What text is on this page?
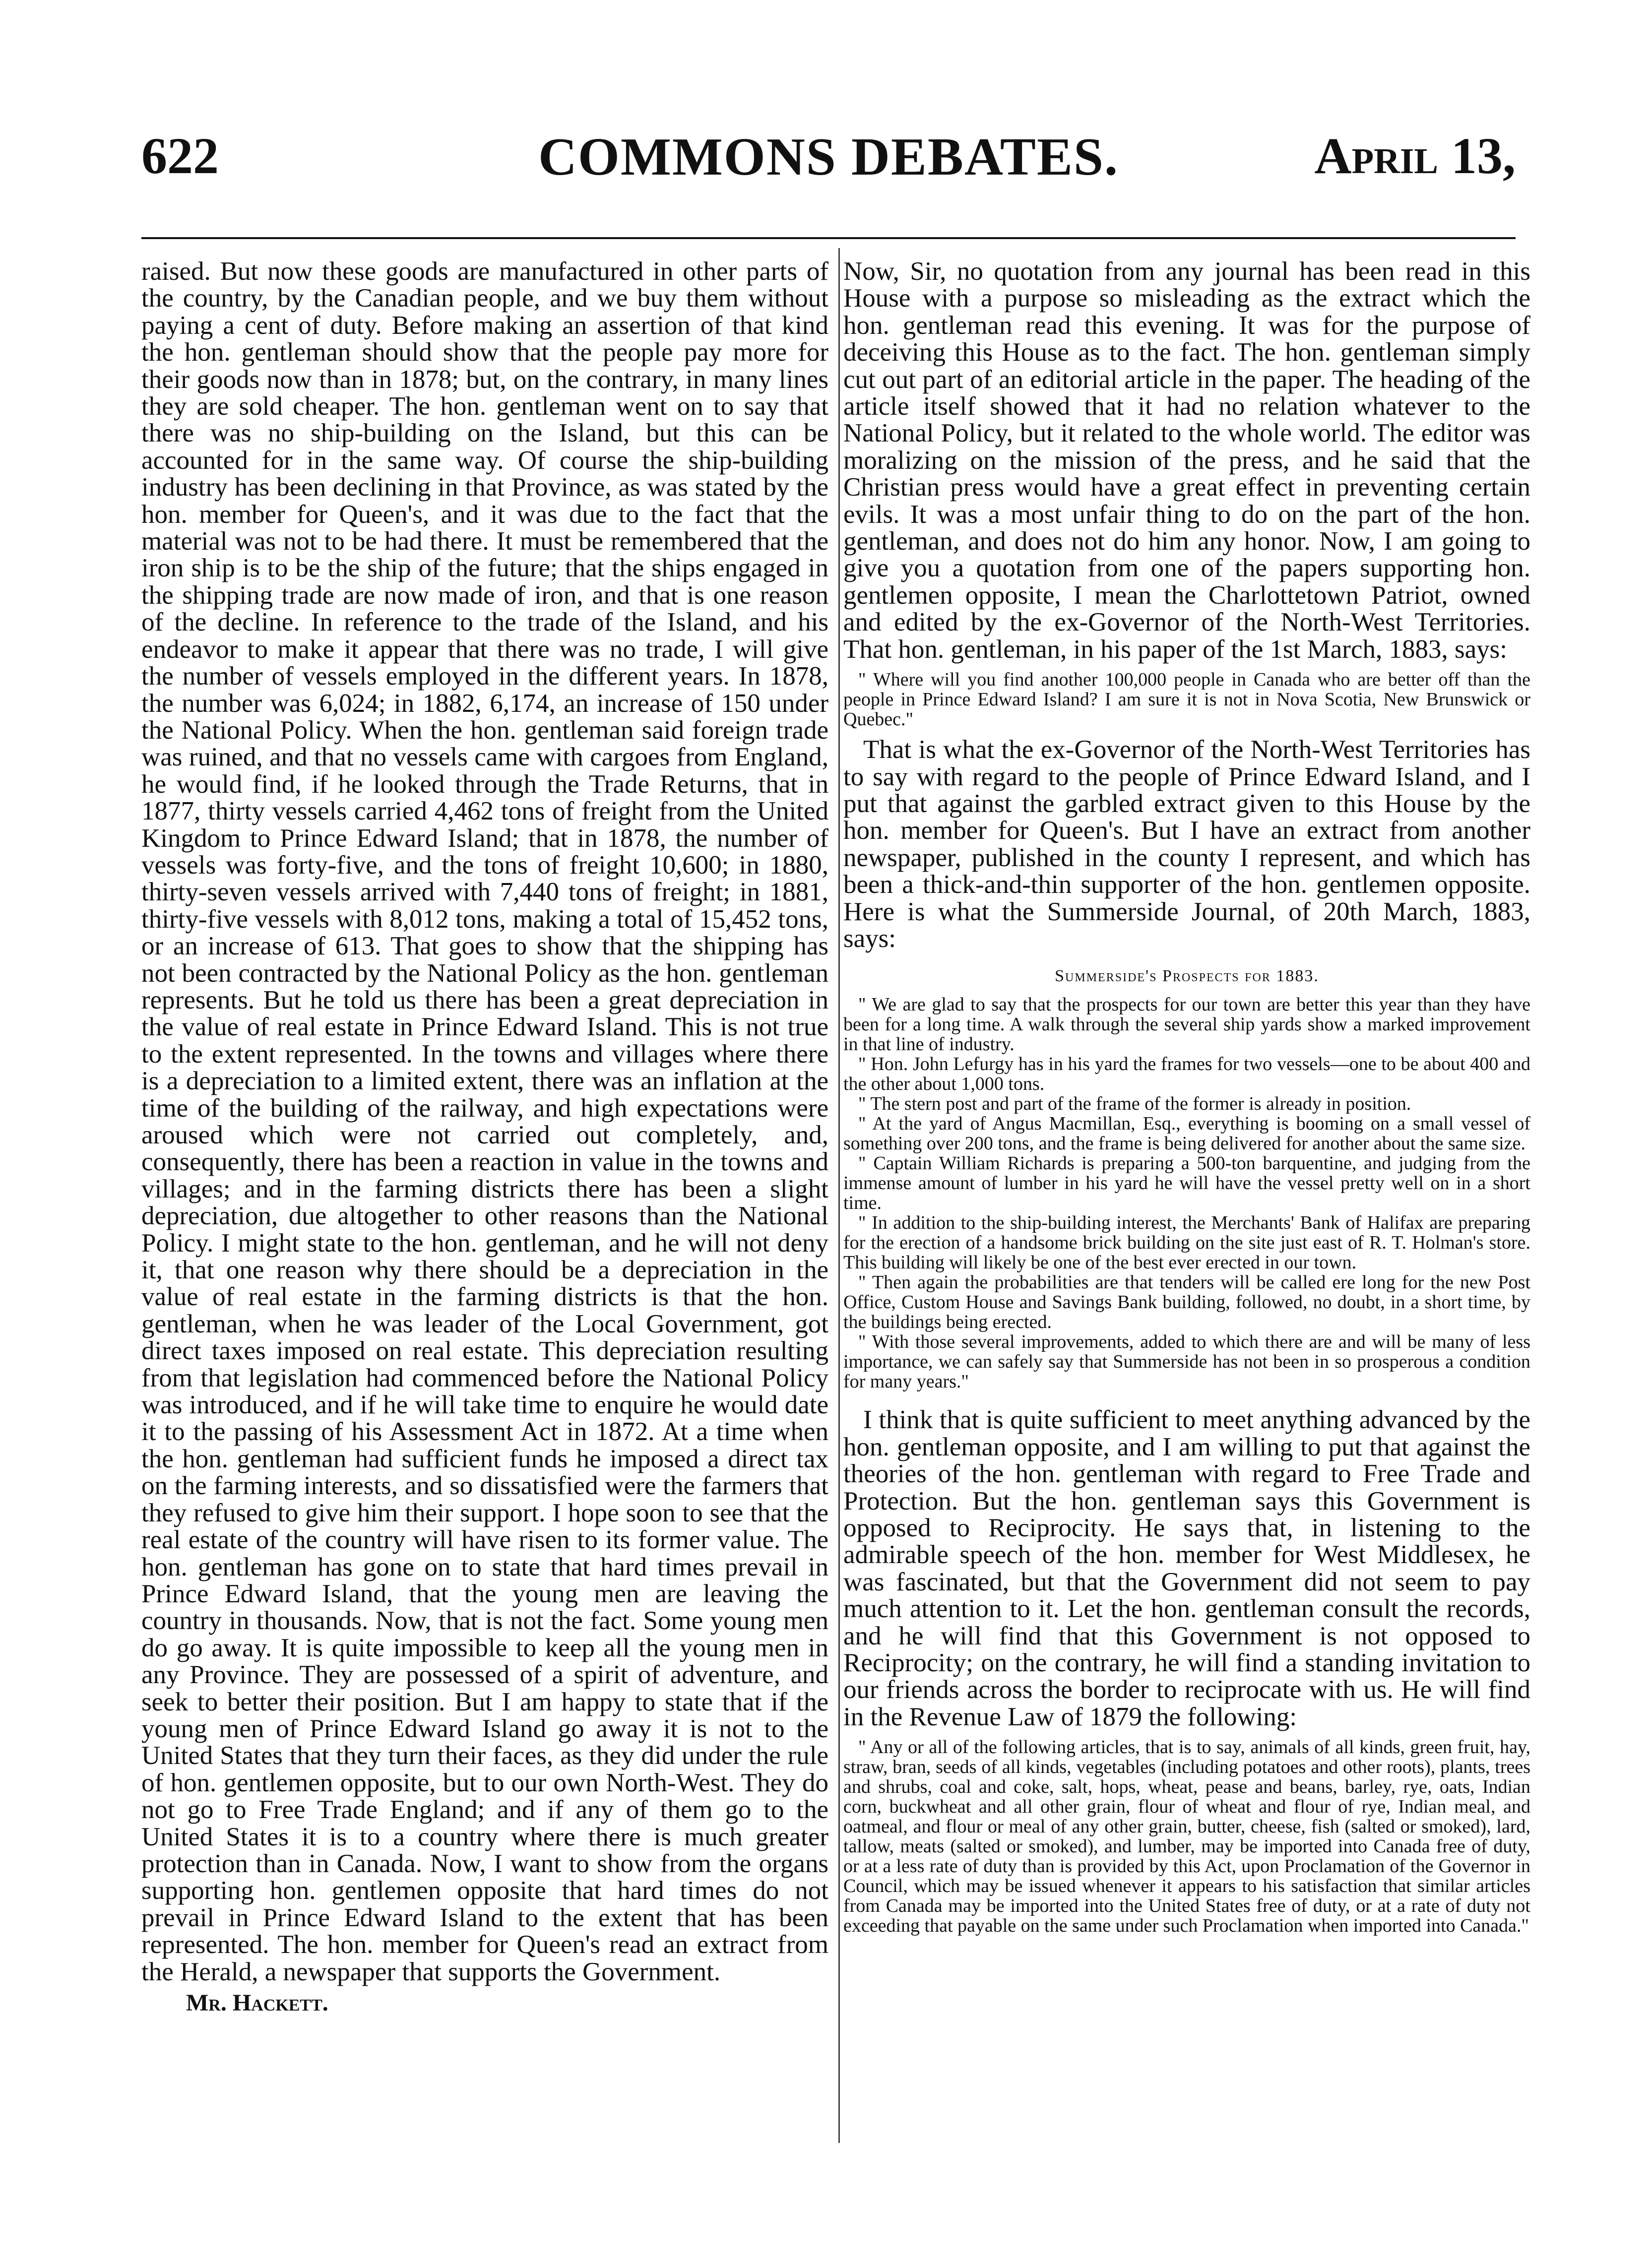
622	COMMONS DEBATES.	April 13,

raised. But now these goods are manufactured in other parts of the country, by the Canadian people, and we buy them without paying a cent of duty. Before making an assertion of that kind the hon. gentleman should show that the people pay more for their goods now than in 1878; but, on the contrary, in many lines they are sold cheaper. The hon. gentleman went on to say that there was no ship-building on the Island, but this can be accounted for in the same way. Of course the ship-building industry has been declining in that Province, as was stated by the hon. member for Queen's, and it was due to the fact that the material was not to be had there. It must be remembered that the iron ship is to be the ship of the future; that the ships engaged in the shipping trade are now made of iron, and that is one reason of the decline. In reference to the trade of the Island, and his endeavor to make it appear that there was no trade, I will give the number of vessels employed in the different years. In 1878, the number was 6,024; in 1882, 6,174, an increase of 150 under the National Policy. When the hon. gentleman said foreign trade was ruined, and that no vessels came with cargoes from England, he would find, if he looked through the Trade Returns, that in 1877, thirty vessels carried 4,462 tons of freight from the United Kingdom to Prince Edward Island; that in 1878, the number of vessels was forty-five, and the tons of freight 10,600; in 1880, thirty-seven vessels arrived with 7,440 tons of freight; in 1881, thirty-five vessels with 8,012 tons, making a total of 15,452 tons, or an increase of 613. That goes to show that the shipping has not been contracted by the National Policy as the hon. gentleman represents. But he told us there has been a great depreciation in the value of real estate in Prince Edward Island. This is not true to the extent represented. In the towns and villages where there is a depreciation to a limited extent, there was an inflation at the time of the building of the railway, and high expectations were aroused which were not carried out completely, and, consequently, there has been a reaction in value in the towns and villages; and in the farming districts there has been a slight depreciation, due altogether to other reasons than the National Policy. I might state to the hon. gentleman, and he will not deny it, that one reason why there should be a depreciation in the value of real estate in the farming districts is that the hon. gentleman, when he was leader of the Local Government, got direct taxes imposed on real estate. This depreciation resulting from that legislation had commenced before the National Policy was introduced, and if he will take time to enquire he would date it to the passing of his Assessment Act in 1872. At a time when the hon. gentleman had sufficient funds he imposed a direct tax on the farming interests, and so dissatisfied were the farmers that they refused to give him their support. I hope soon to see that the real estate of the country will have risen to its former value. The hon. gentleman has gone on to state that hard times prevail in Prince Edward Island, that the young men are leaving the country in thousands. Now, that is not the fact. Some young men do go away. It is quite impossible to keep all the young men in any Province. They are possessed of a spirit of adventure, and seek to better their position. But I am happy to state that if the young men of Prince Edward Island go away it is not to the United States that they turn their faces, as they did under the rule of hon. gentlemen opposite, but to our own North-West. They do not go to Free Trade England; and if any of them go to the United States it is to a country where there is much greater protection than in Canada. Now, I want to show from the organs supporting hon. gentlemen opposite that hard times do not prevail in Prince Edward Island to the extent that has been represented. The hon. member for Queen's read an extract from the Herald, a newspaper that supports the Government.

Mr. Hackett.

Now, Sir, no quotation from any journal has been read in this House with a purpose so misleading as the extract which the hon. gentleman read this evening. It was for the purpose of deceiving this House as to the fact. The hon. gentleman simply cut out part of an editorial article in the paper. The heading of the article itself showed that it had no relation whatever to the National Policy, but it related to the whole world. The editor was moralizing on the mission of the press, and he said that the Christian press would have a great effect in preventing certain evils. It was a most unfair thing to do on the part of the hon. gentleman, and does not do him any honor. Now, I am going to give you a quotation from one of the papers supporting hon. gentlemen opposite, I mean the Charlottetown Patriot, owned and edited by the ex-Governor of the North-West Territories. That hon. gentleman, in his paper of the 1st March, 1883, says:

" Where will you find another 100,000 people in Canada who are better off than the people in Prince Edward Island? I am sure it is not in Nova Scotia, New Brunswick or Quebec."

That is what the ex-Governor of the North-West Territories has to say with regard to the people of Prince Edward Island, and I put that against the garbled extract given to this House by the hon. member for Queen's. But I have an extract from another newspaper, published in the county I represent, and which has been a thick-and-thin supporter of the hon. gentlemen opposite. Here is what the Summerside Journal, of 20th March, 1883, says:

Summerside's Prospects for 1883.

" We are glad to say that the prospects for our town are better this year than they have been for a long time. A walk through the several ship yards show a marked improvement in that line of industry.

" Hon. John Lefurgy has in his yard the frames for two vessels—one to be about 400 and the other about 1,000 tons.

" The stern post and part of the frame of the former is already in position.

" At the yard of Angus Macmillan, Esq., everything is booming on a small vessel of something over 200 tons, and the frame is being delivered for another about the same size.

" Captain William Richards is preparing a 500-ton barquentine, and judging from the immense amount of lumber in his yard he will have the vessel pretty well on in a short time.

" In addition to the ship-building interest, the Merchants' Bank of Halifax are preparing for the erection of a handsome brick building on the site just east of R. T. Holman's store. This building will likely be one of the best ever erected in our town.

" Then again the probabilities are that tenders will be called ere long for the new Post Office, Custom House and Savings Bank building, followed, no doubt, in a short time, by the buildings being erected.

" With those several improvements, added to which there are and will be many of less importance, we can safely say that Summerside has not been in so prosperous a condition for many years."

I think that is quite sufficient to meet anything advanced by the hon. gentleman opposite, and I am willing to put that against the theories of the hon. gentleman with regard to Free Trade and Protection. But the hon. gentleman says this Government is opposed to Reciprocity. He says that, in listening to the admirable speech of the hon. member for West Middlesex, he was fascinated, but that the Government did not seem to pay much attention to it. Let the hon. gentleman consult the records, and he will find that this Government is not opposed to Reciprocity; on the contrary, he will find a standing invitation to our friends across the border to reciprocate with us. He will find in the Revenue Law of 1879 the following:

" Any or all of the following articles, that is to say, animals of all kinds, green fruit, hay, straw, bran, seeds of all kinds, vegetables (including potatoes and other roots), plants, trees and shrubs, coal and coke, salt, hops, wheat, pease and beans, barley, rye, oats, Indian corn, buckwheat and all other grain, flour of wheat and flour of rye, Indian meal, and oatmeal, and flour or meal of any other grain, butter, cheese, fish (salted or smoked), lard, tallow, meats (salted or smoked), and lumber, may be imported into Canada free of duty, or at a less rate of duty than is provided by this Act, upon Proclamation of the Governor in Council, which may be issued whenever it appears to his satisfaction that similar articles from Canada may be imported into the United States free of duty, or at a rate of duty not exceeding that payable on the same under such Proclamation when imported into Canada."
